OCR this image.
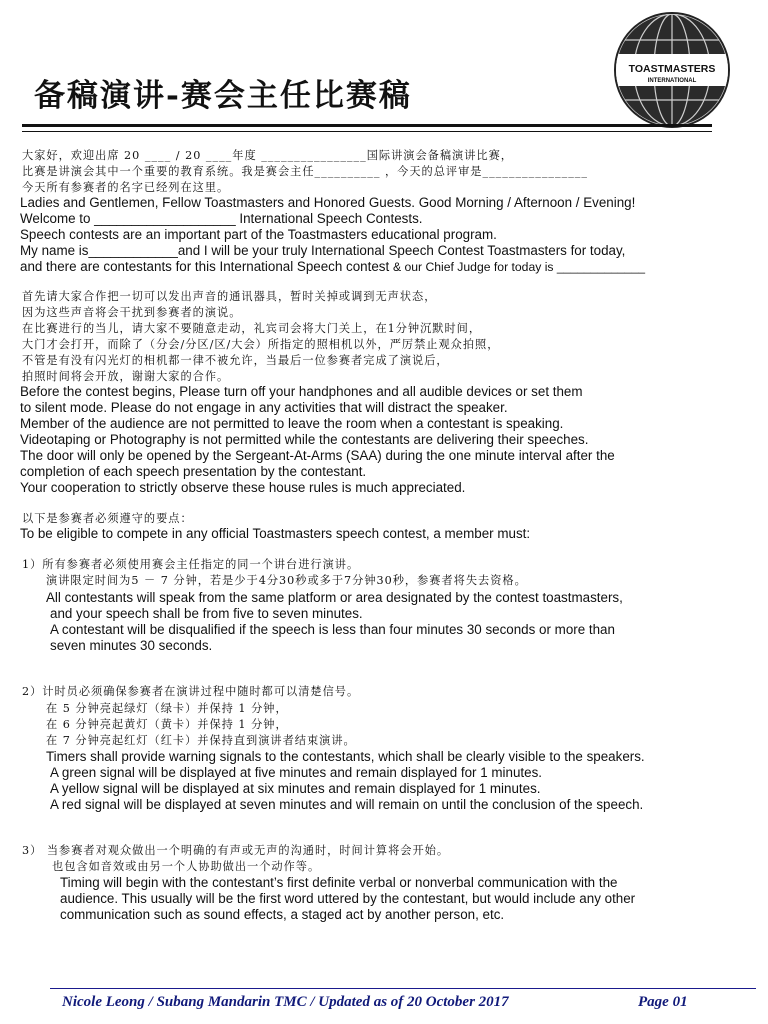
备稿演讲-赛会主任比赛稿
TOASTMASTERS
INTERNATIONAL
大家好，欢迎出席 20 ____ / 20 ____年度 ________________国际讲演会备稿演讲比赛，
比赛是讲演会其中一个重要的教育系统。我是赛会主任__________ ，今天的总评审是________________
今天所有参赛者的名字已经列在这里。
Ladies and Gentlemen, Fellow Toastmasters and Honored Guests. Good Morning / Afternoon / Evening!
Welcome to ___________________ International Speech Contests.
Speech contests are an important part of the Toastmasters educational program.
My name is____________and I will be your truly International Speech Contest Toastmasters for today,
and there are contestants for this International Speech contest & our Chief Judge for today is _____________
首先请大家合作把一切可以发出声音的通讯器具，暂时关掉或调到无声状态，
因为这些声音将会干扰到参赛者的演说。
在比赛进行的当儿，请大家不要随意走动，礼宾司会将大门关上，在1分钟沉默时间，
大门才会打开，而除了（分会/分区/区/大会）所指定的照相机以外，严厉禁止观众拍照，
不管是有没有闪光灯的相机都一律不被允许，当最后一位参赛者完成了演说后，
拍照时间将会开放，谢谢大家的合作。
Before the contest begins, Please turn off your handphones and all audible devices or set them
to silent mode. Please do not engage in any activities that will distract the speaker.
Member of the audience are not permitted to leave the room when a contestant is speaking.
Videotaping or Photography is not permitted while the contestants are delivering their speeches.
The door will only be opened by the Sergeant-At-Arms (SAA) during the one minute interval after the
completion of each speech presentation by the contestant.
Your cooperation to strictly observe these house rules is much appreciated.
以下是参赛者必须遵守的要点：
To be eligible to compete in any official Toastmasters speech contest, a member must:
1）所有参赛者必须使用赛会主任指定的同一个讲台进行演讲。
演讲限定时间为5 － 7 分钟，若是少于4分30秒或多于7分钟30秒，参赛者将失去资格。
All contestants will speak from the same platform or area designated by the contest toastmasters,
and your speech shall be from five to seven minutes.
A contestant will be disqualified if the speech is less than four minutes 30 seconds or more than
seven minutes 30 seconds.
2）计时员必须确保参赛者在演讲过程中随时都可以清楚信号。
在 5 分钟亮起绿灯（绿卡）并保持 1 分钟，
在 6 分钟亮起黄灯（黄卡）并保持 1 分钟，
在 7 分钟亮起红灯（红卡）并保持直到演讲者结束演讲。
Timers shall provide warning signals to the contestants, which shall be clearly visible to the speakers.
A green signal will be displayed at five minutes and remain displayed for 1 minutes.
A yellow signal will be displayed at six minutes and remain displayed for 1 minutes.
A red signal will be displayed at seven minutes and will remain on until the conclusion of the speech.
3） 当参赛者对观众做出一个明确的有声或无声的沟通时，时间计算将会开始。
也包含如音效或由另一个人协助做出一个动作等。
Timing will begin with the contestant’s first definite verbal or nonverbal communication with the
audience. This usually will be the first word uttered by the contestant, but would include any other
communication such as sound effects, a staged act by another person, etc.
Nicole Leong / Subang Mandarin TMC / Updated as of 20 October 2017	Page 01
